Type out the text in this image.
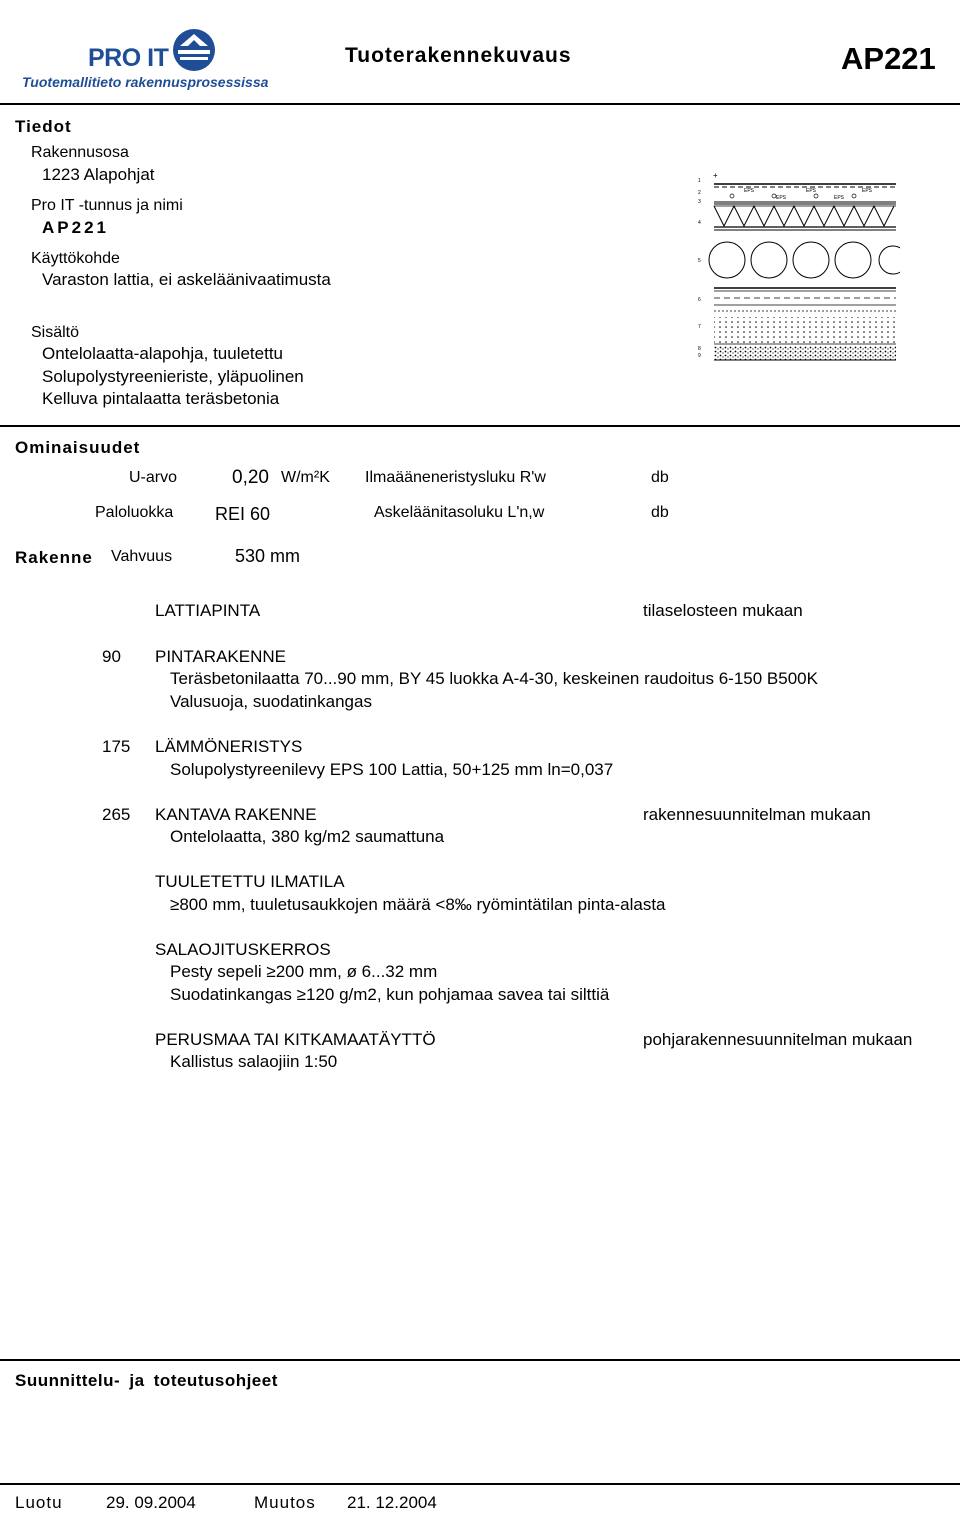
PRO IT
Tuotemallitieto rakennusprosessissa
Tuoterakennekuvaus	AP221
Tiedot
Rakennusosa
1223 Alapohjat
Pro IT -tunnus ja nimi
AP221
Käyttökohde
Varaston lattia, ei askeläänivaatimusta
Sisältö
Ontelolaatta-alapohja, tuuletettu
Solupolystyreenieriste, yläpuolinen
Kelluva pintalaatta teräsbetonia
1
2
3
4
5
6
7
8
9
+
EPS	EPS	EPS
EPS	EPS
Ominaisuudet
U-arvo	0,20 W/m²K Ilmaääneneristysluku R'w	db
Paloluokka REI 60	Askeläänitasoluku L'n,w	db
Rakenne Vahvuus	530 mm
LATTIAPINTA	tilaselosteen mukaan
90 PINTARAKENNE
Teräsbetonilaatta 70...90 mm, BY 45 luokka A-4-30, keskeinen raudoitus 6-150 B500K
Valusuoja, suodatinkangas
175 LÄMMÖNERISTYS
Solupolystyreenilevy EPS 100 Lattia, 50+125 mm ln=0,037
265 KANTAVA RAKENNE	rakennesuunnitelman mukaan
Ontelolaatta, 380 kg/m2 saumattuna
TUULETETTU ILMATILA
≥800 mm, tuuletusaukkojen määrä <8‰ ryömintätilan pinta-alasta
SALAOJITUSKERROS
Pesty sepeli ≥200 mm, ø 6...32 mm
Suodatinkangas ≥120 g/m2, kun pohjamaa savea tai silttiä
PERUSMAA TAI KITKAMAATÄYTTÖ	pohjarakennesuunnitelman mukaan
Kallistus salaojiin 1:50
Suunnittelu- ja toteutusohjeet
Luotu	29. 09.2004	Muutos 21. 12.2004
